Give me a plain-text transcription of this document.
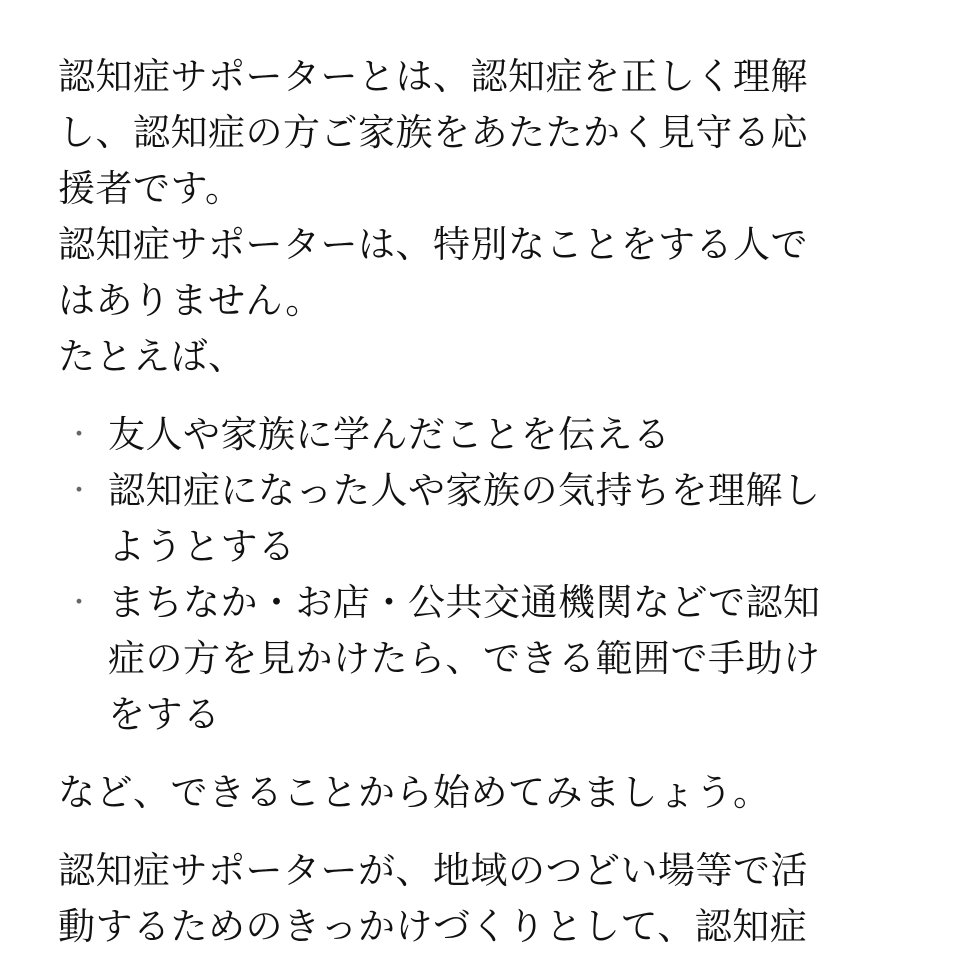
認知症サポーターとは、認知症を正しく理解
し、認知症の方ご家族をあたたかく見守る応
援者です。
認知症サポーターは、特別なことをする人で
はありません。
たとえば、
・ 友人や家族に学んだことを伝える
・ 認知症になった人や家族の気持ちを理解し
ようとする
・ まちなか・お店・公共交通機関などで認知
症の方を見かけたら、できる範囲で手助け
をする
など、できることから始めてみましょう。
認知症サポーターが、地域のつどい場等で活
動するためのきっかけづくりとして、認知症
